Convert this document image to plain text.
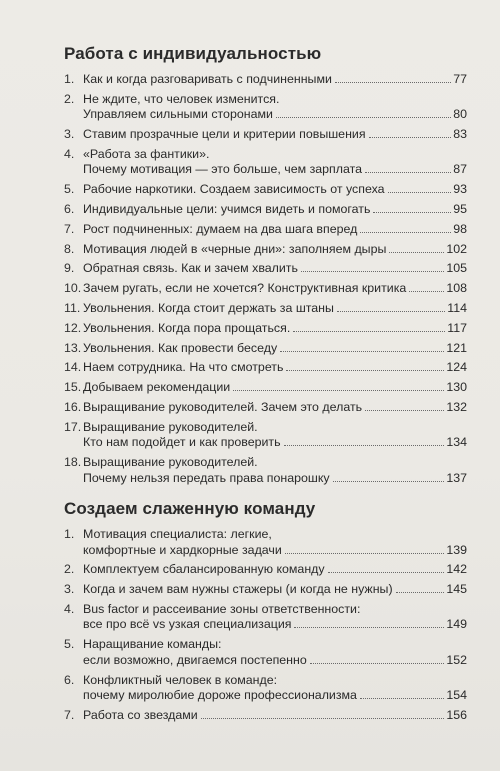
Работа с индивидуальностью
1. Как и когда разговаривать с подчиненными	77
2. Не ждите, что человек изменится.
Управляем сильными сторонами	80
3. Ставим прозрачные цели и критерии повышения	83
4. «Работа за фантики».
Почему мотивация — это больше, чем зарплата	87
5. Рабочие наркотики. Создаем зависимость от успеха	93
6. Индивидуальные цели: учимся видеть и помогать	95
7. Рост подчиненных: думаем на два шага вперед	98
8. Мотивация людей в «черные дни»: заполняем дыры	102
9. Обратная связь. Как и зачем хвалить	105
10. Зачем ругать, если не хочется? Конструктивная критика	108
11. Увольнения. Когда стоит держать за штаны	114
12. Увольнения. Когда пора прощаться.	117
13. Увольнения. Как провести беседу	121
14. Наем сотрудника. На что смотреть	124
15. Добываем рекомендации	130
16. Выращивание руководителей. Зачем это делать	132
17. Выращивание руководителей.
Кто нам подойдет и как проверить	134
18. Выращивание руководителей.
Почему нельзя передать права понарошку	137
Создаем слаженную команду
1. Мотивация специалиста: легкие,
комфортные и хардкорные задачи	139
2. Комплектуем сбалансированную команду	142
3. Когда и зачем вам нужны стажеры (и когда не нужны)	145
4. Bus factor и рассеивание зоны ответственности:
все про всё vs узкая специализация	149
5. Наращивание команды:
если возможно, двигаемся постепенно	152
6. Конфликтный человек в команде:
почему миролюбие дороже профессионализма	154
7. Работа со звездами	156
